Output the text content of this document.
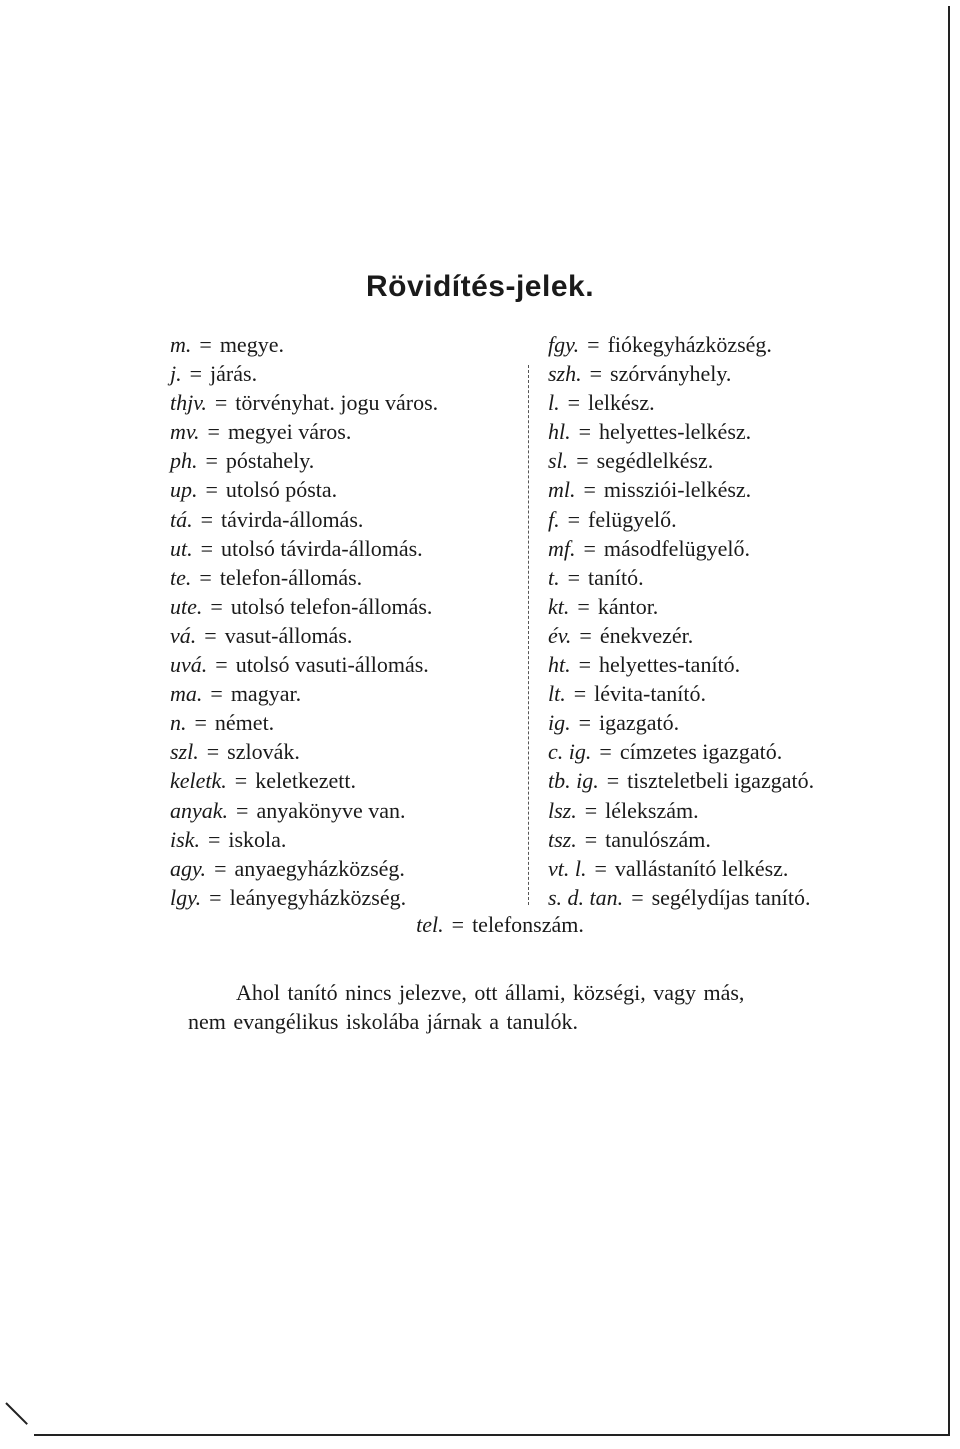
Rövidítés-jelek.
m. = megye.
j. = járás.
thjv. = törvényhat. jogu város.
mv. = megyei város.
ph. = póstahely.
up. = utolsó pósta.
tá. = távirda-állomás.
ut. = utolsó távirda-állomás.
te. = telefon-állomás.
ute. = utolsó telefon-állomás.
vá. = vasut-állomás.
uvá. = utolsó vasuti-állomás.
ma. = magyar.
n. = német.
szl. = szlovák.
keletk. = keletkezett.
anyak. = anyakönyve van.
isk. = iskola.
agy. = anyaegyházközség.
lgy. = leányegyházközség.
fgy. = fiókegyházközség.
szh. = szórványhely.
l. = lelkész.
hl. = helyettes-lelkész.
sl. = segédlelkész.
ml. = missziói-lelkész.
f. = felügyelő.
mf. = másodfelügyelő.
t. = tanító.
kt. = kántor.
év. = énekvezér.
ht. = helyettes-tanító.
lt. = lévita-tanító.
ig. = igazgató.
c. ig. = címzetes igazgató.
tb. ig. = tiszteletbeli igazgató.
lsz. = lélekszám.
tsz. = tanulószám.
vt. l. = vallástanító lelkész.
s. d. tan. = segélydíjas tanító.
tel. = telefonszám.
Ahol tanító nincs jelezve, ott állami, községi, vagy más,
nem evangélikus iskolába járnak a tanulók.
